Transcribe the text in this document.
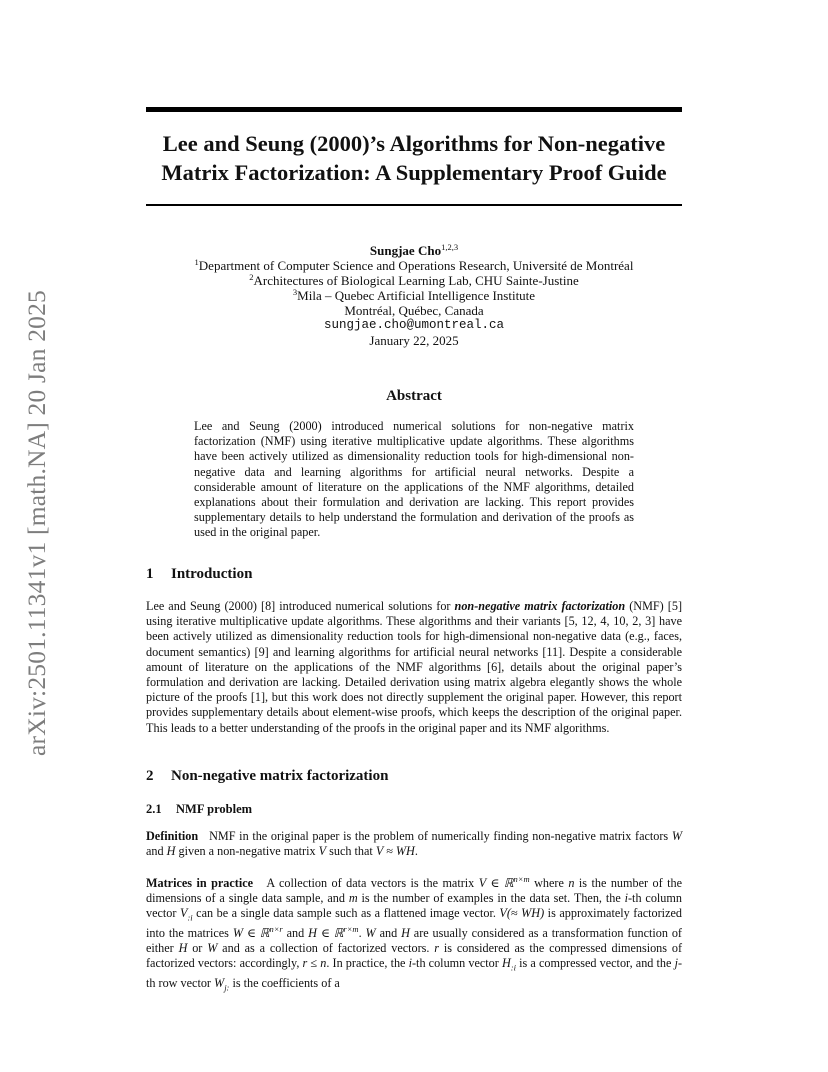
arXiv:2501.11341v1 [math.NA] 20 Jan 2025
Lee and Seung (2000)’s Algorithms for Non-negative
Matrix Factorization: A Supplementary Proof Guide
Sungjae Cho$^{1,2,3}$
$^1$Department of Computer Science and Operations Research, Université de Montréal
$^2$Architectures of Biological Learning Lab, CHU Sainte-Justine
$^3$Mila – Quebec Artificial Intelligence Institute
Montréal, Québec, Canada
sungjae.cho@umontreal.ca
January 22, 2025
Abstract

Lee and Seung (2000) introduced numerical solutions for non-negative matrix factorization (NMF) using iterative multiplicative update algorithms. These algorithms have been actively utilized as dimensionality reduction tools for high-dimensional non-negative data and learning algorithms for artificial neural networks. Despite a considerable amount of literature on the applications of the NMF algorithms, detailed explanations about their formulation and derivation are lacking. This report provides supplementary details to help understand the formulation and derivation of the proofs as used in the original paper.

1 Introduction

Lee and Seung (2000) [8] introduced numerical solutions for non-negative matrix factorization (NMF) [5] using iterative multiplicative update algorithms. These algorithms and their variants [5, 12, 4, 10, 2, 3] have been actively utilized as dimensionality reduction tools for high-dimensional non-negative data (e.g., faces, document semantics) [9] and learning algorithms for artificial neural networks [11]. Despite a considerable amount of literature on the applications of the NMF algorithms [6], details about the original paper’s formulation and derivation are lacking. Detailed derivation using matrix algebra elegantly shows the whole picture of the proofs [1], but this work does not directly supplement the original paper. However, this report provides supplementary details about element-wise proofs, which keeps the description of the original paper. This leads to a better understanding of the proofs in the original paper and its NMF algorithms.

2 Non-negative matrix factorization
2.1 NMF problem

Definition NMF in the original paper is the problem of numerically finding non-negative matrix factors W and H given a non-negative matrix V such that V ≈ WH.

Matrices in practice A collection of data vectors is the matrix V ∈ ℝ$^{n\times m}$ where n is the number of the dimensions of a single data sample, and m is the number of examples in the data set. Then, the i-th column vector $V_{:i}$ can be a single data sample such as a flattened image vector. V(≈ WH) is approximately factorized into the matrices W ∈ ℝ$^{n\times r}$ and H ∈ ℝ$^{r\times m}$. W and H are usually considered as a transformation function of either H or W and as a collection of factorized vectors. r is considered as the compressed dimensions of factorized vectors: accordingly, r ≤ n. In practice, the i-th column vector $H_{:i}$ is a compressed vector, and the j-th row vector $W_{j:}$ is the coefficients of a
